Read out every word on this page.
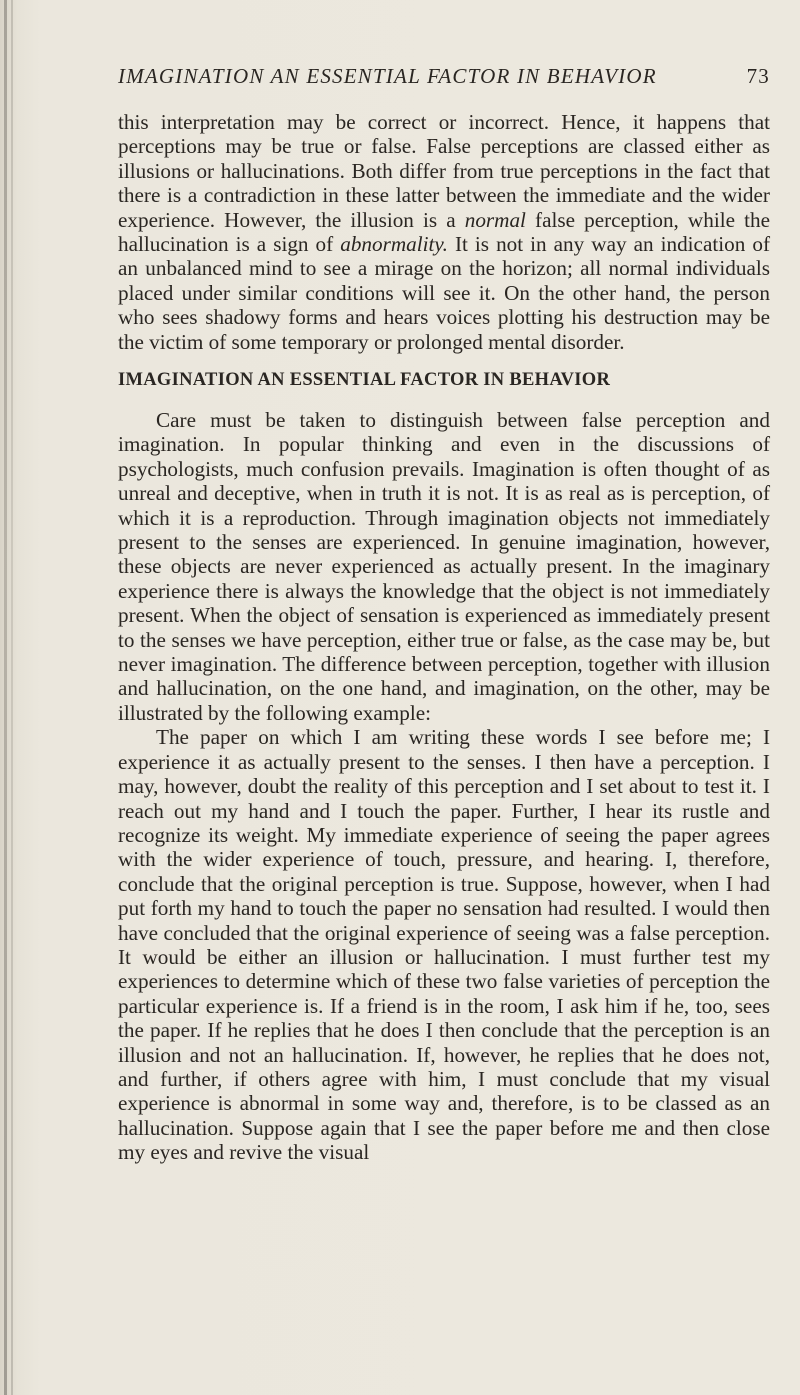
IMAGINATION AN ESSENTIAL FACTOR IN BEHAVIOR	73

this interpretation may be correct or incorrect. Hence, it happens that perceptions may be true or false. False perceptions are classed either as illusions or hallucinations. Both differ from true perceptions in the fact that there is a contradiction in these latter between the immediate and the wider experience. However, the illusion is a normal false perception, while the hallucination is a sign of abnormality. It is not in any way an indication of an unbalanced mind to see a mirage on the horizon; all normal individuals placed under similar conditions will see it. On the other hand, the person who sees shadowy forms and hears voices plotting his destruction may be the victim of some temporary or prolonged mental disorder.

IMAGINATION AN ESSENTIAL FACTOR IN BEHAVIOR

Care must be taken to distinguish between false perception and imagination. In popular thinking and even in the discussions of psychologists, much confusion prevails. Imagination is often thought of as unreal and deceptive, when in truth it is not. It is as real as is perception, of which it is a reproduction. Through imagination objects not immediately present to the senses are experienced. In genuine imagination, however, these objects are never experienced as actually present. In the imaginary experience there is always the knowledge that the object is not immediately present. When the object of sensation is experienced as immediately present to the senses we have perception, either true or false, as the case may be, but never imagination. The difference between perception, together with illusion and hallucination, on the one hand, and imagination, on the other, may be illustrated by the following example:

The paper on which I am writing these words I see before me; I experience it as actually present to the senses. I then have a perception. I may, however, doubt the reality of this perception and I set about to test it. I reach out my hand and I touch the paper. Further, I hear its rustle and recognize its weight. My immediate experience of seeing the paper agrees with the wider experience of touch, pressure, and hearing. I, therefore, conclude that the original perception is true. Suppose, however, when I had put forth my hand to touch the paper no sensation had resulted. I would then have concluded that the original experience of seeing was a false perception. It would be either an illusion or hallucination. I must further test my experiences to determine which of these two false varieties of perception the particular experience is. If a friend is in the room, I ask him if he, too, sees the paper. If he replies that he does I then conclude that the perception is an illusion and not an hallucination. If, however, he replies that he does not, and further, if others agree with him, I must conclude that my visual experience is abnormal in some way and, therefore, is to be classed as an hallucination. Suppose again that I see the paper before me and then close my eyes and revive the visual
